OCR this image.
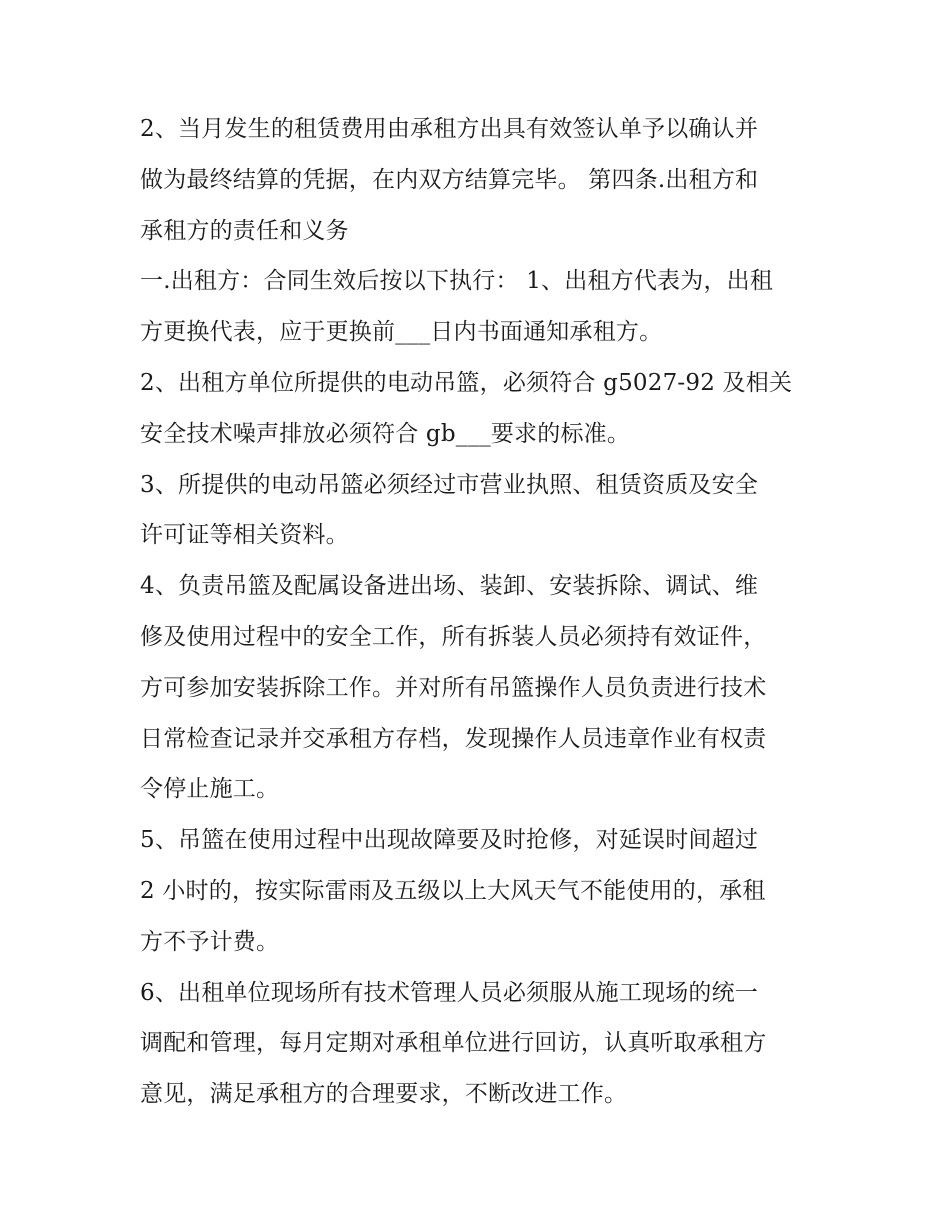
2、当月发生的租赁费用由承租方出具有效签认单予以确认并
做为最终结算的凭据，在内双方结算完毕。 第四条.出租方和
承租方的责任和义务
一.出租方：合同生效后按以下执行： 1、出租方代表为，出租
方更换代表，应于更换前___日内书面通知承租方。
2、出租方单位所提供的电动吊篮，必须符合 g5027-92 及相关
安全技术噪声排放必须符合 gb___要求的标准。
3、所提供的电动吊篮必须经过市营业执照、租赁资质及安全
许可证等相关资料。
4、负责吊篮及配属设备进出场、装卸、安装拆除、调试、维
修及使用过程中的安全工作，所有拆装人员必须持有效证件，
方可参加安装拆除工作。并对所有吊篮操作人员负责进行技术
日常检查记录并交承租方存档，发现操作人员违章作业有权责
令停止施工。
5、吊篮在使用过程中出现故障要及时抢修，对延误时间超过
2 小时的，按实际雷雨及五级以上大风天气不能使用的，承租
方不予计费。
6、出租单位现场所有技术管理人员必须服从施工现场的统一
调配和管理，每月定期对承租单位进行回访，认真听取承租方
意见，满足承租方的合理要求，不断改进工作。
